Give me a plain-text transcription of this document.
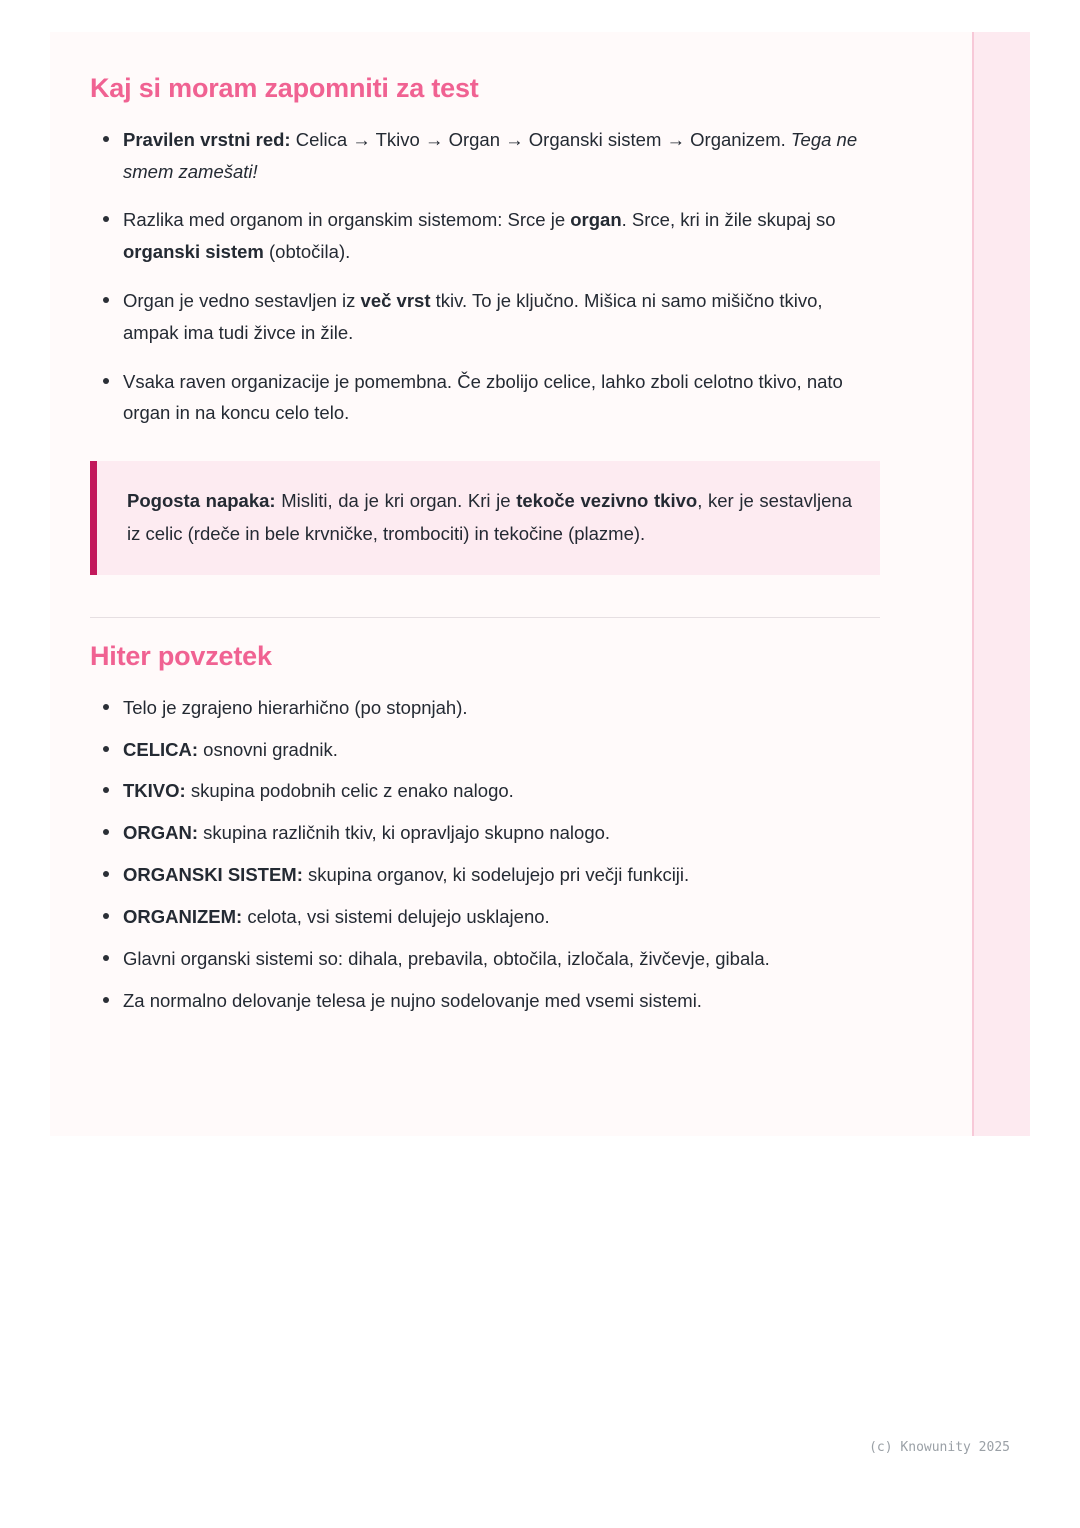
Kaj si moram zapomniti za test
Pravilen vrstni red: Celica → Tkivo → Organ → Organski sistem → Organizem. Tega ne smem zamešati!
Razlika med organom in organskim sistemom: Srce je organ. Srce, kri in žile skupaj so organski sistem (obtočila).
Organ je vedno sestavljen iz več vrst tkiv. To je ključno. Mišica ni samo mišično tkivo, ampak ima tudi živce in žile.
Vsaka raven organizacije je pomembna. Če zbolijo celice, lahko zboli celotno tkivo, nato organ in na koncu celo telo.
Pogosta napaka: Misliti, da je kri organ. Kri je tekoče vezivno tkivo, ker je sestavljena iz celic (rdeče in bele krvničke, trombociti) in tekočine (plazme).
Hiter povzetek
Telo je zgrajeno hierarhično (po stopnjah).
CELICA: osnovni gradnik.
TKIVO: skupina podobnih celic z enako nalogo.
ORGAN: skupina različnih tkiv, ki opravljajo skupno nalogo.
ORGANSKI SISTEM: skupina organov, ki sodelujejo pri večji funkciji.
ORGANIZEM: celota, vsi sistemi delujejo usklajeno.
Glavni organski sistemi so: dihala, prebavila, obtočila, izločala, živčevje, gibala.
Za normalno delovanje telesa je nujno sodelovanje med vsemi sistemi.
(c) Knowunity 2025
